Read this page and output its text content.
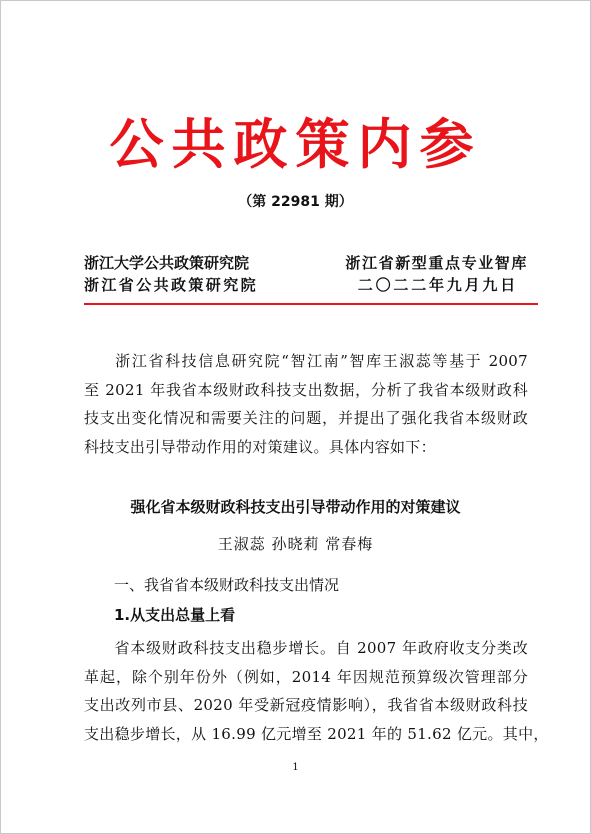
公共政策内参
（第 22981 期）
浙江大学公共政策研究院	浙江省新型重点专业智库
浙江省公共政策研究院	二〇二二年九月九日
浙江省科技信息研究院“智江南”智库王淑蕊等基于 2007
至 2021 年我省本级财政科技支出数据，分析了我省本级财政科
技支出变化情况和需要关注的问题，并提出了强化我省本级财政
科技支出引导带动作用的对策建议。具体内容如下：
强化省本级财政科技支出引导带动作用的对策建议
王淑蕊 孙晓莉 常春梅
一、我省省本级财政科技支出情况
1.从支出总量上看
省本级财政科技支出稳步增长。自 2007 年政府收支分类改
革起，除个别年份外（例如，2014 年因规范预算级次管理部分
支出改列市县、2020 年受新冠疫情影响），我省省本级财政科技
支出稳步增长，从 16.99 亿元增至 2021 年的 51.62 亿元。其中，
1
